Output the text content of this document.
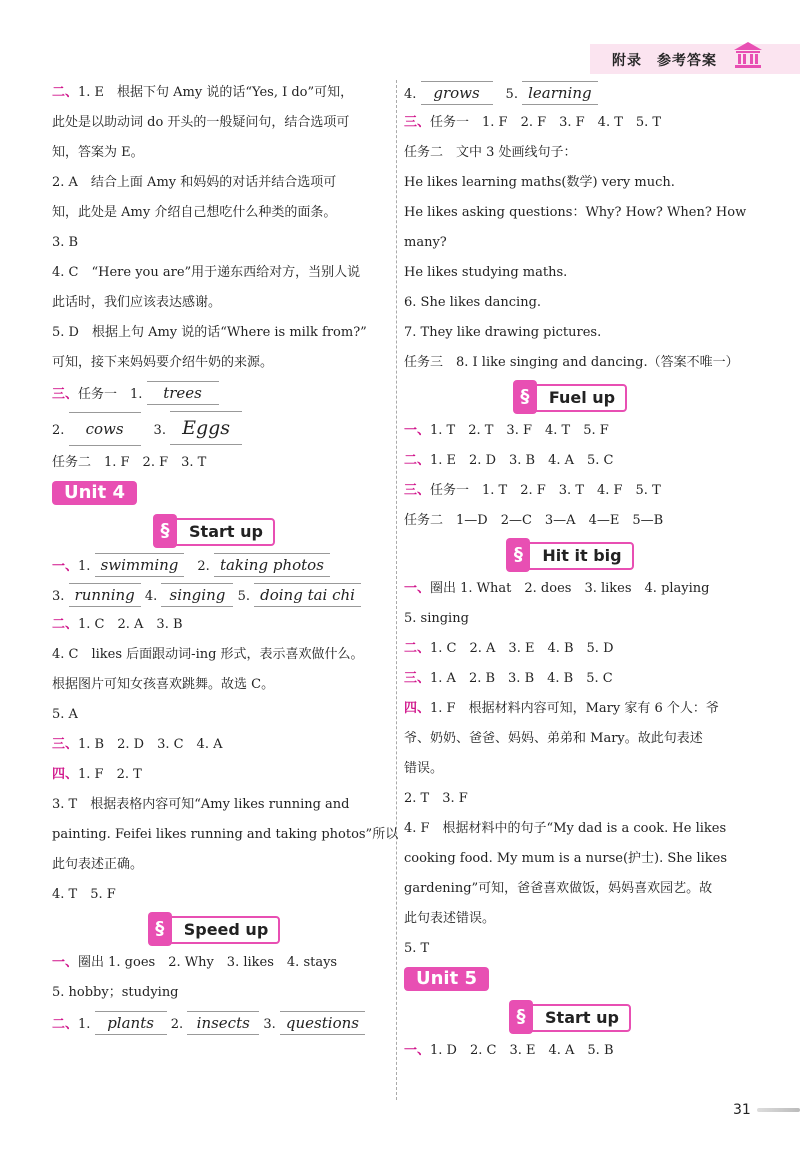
附录　参考答案
二、1. E　根据下句 Amy 说的话“Yes, I do”可知，
此处是以助动词 do 开头的一般疑问句，结合选项可
知，答案为 E。
2. A　结合上面 Amy 和妈妈的对话并结合选项可
知，此处是 Amy 介绍自己想吃什么种类的面条。
3. B
4. C　“Here you are”用于递东西给对方，当别人说
此话时，我们应该表达感谢。
5. D　根据上句 Amy 说的话“Where is milk from?”
可知，接下来妈妈要介绍牛奶的来源。
三、任务一　1. trees
2. cows　3. Eggs
任务二　1. F　2. F　3. T
Unit 4
§	Start up
一、1. swimming　2. taking photos
3. running 4. singing 5. doing tai chi
二、1. C　2. A　3. B
4. C　likes 后面跟动词-ing 形式，表示喜欢做什么。
根据图片可知女孩喜欢跳舞。故选 C。
5. A
三、1. B　2. D　3. C　4. A
四、1. F　2. T
3. T　根据表格内容可知“Amy likes running and
painting. Feifei likes running and taking photos”所以
此句表述正确。
4. T　5. F
§	Speed up
一、圈出 1. goes　2. Why　3. likes　4. stays
5. hobby；studying
二、1. plants 2. insects 3. questions
4. grows　5. learning
三、任务一　1. F　2. F　3. F　4. T　5. T
任务二　文中 3 处画线句子：
He likes learning maths(数学) very much.
He likes asking questions：Why? How? When? How
many?
He likes studying maths.
6. She likes dancing.
7. They like drawing pictures.
任务三　8. I like singing and dancing.（答案不唯一）
§	Fuel up
一、1. T　2. T　3. F　4. T　5. F
二、1. E　2. D　3. B　4. A　5. C
三、任务一　1. T　2. F　3. T　4. F　5. T
任务二　1—D　2—C　3—A　4—E　5—B
§	Hit it big
一、圈出 1. What　2. does　3. likes　4. playing
5. singing
二、1. C　2. A　3. E　4. B　5. D
三、1. A　2. B　3. B　4. B　5. C
四、1. F　根据材料内容可知，Mary 家有 6 个人：爷
爷、奶奶、爸爸、妈妈、弟弟和 Mary。故此句表述
错误。
2. T　3. F
4. F　根据材料中的句子“My dad is a cook. He likes
cooking food. My mum is a nurse(护士). She likes
gardening”可知，爸爸喜欢做饭，妈妈喜欢园艺。故
此句表述错误。
5. T
Unit 5
§	Start up
一、1. D　2. C　3. E　4. A　5. B
31
